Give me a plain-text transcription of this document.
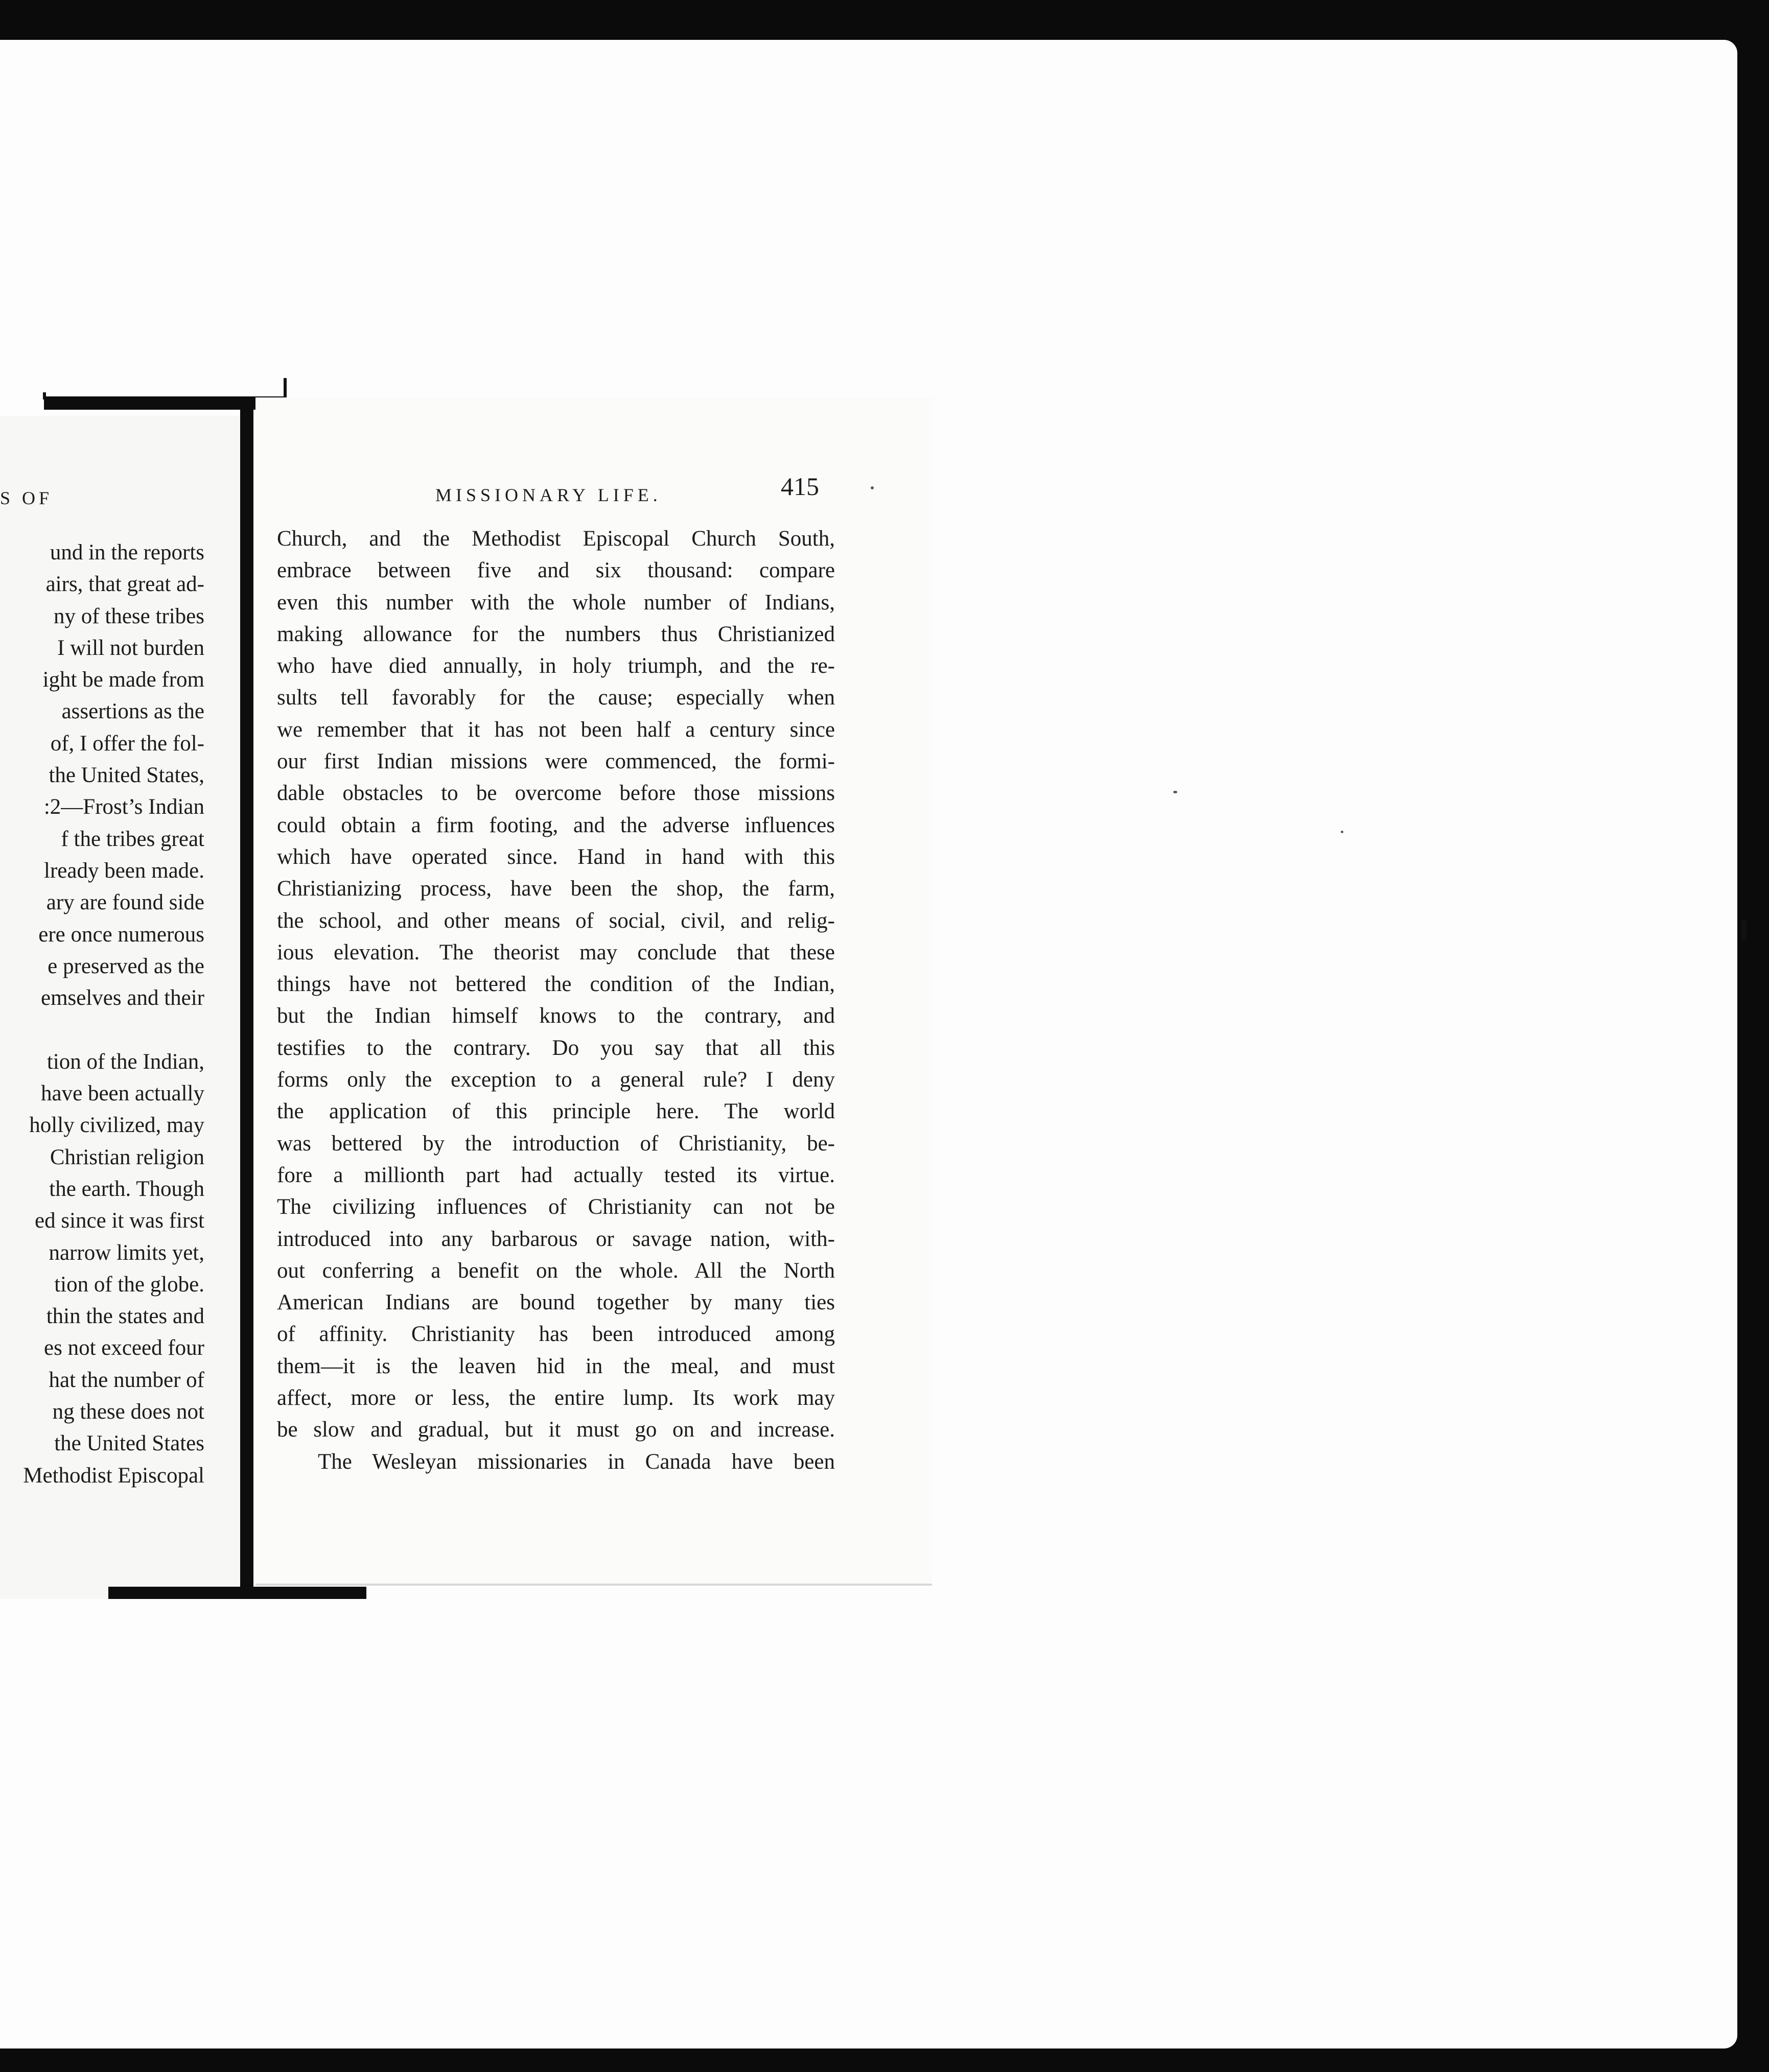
S OF
und in the reports
airs, that great ad-
ny of these tribes
I will not burden
ight be made from
assertions as the
of, I offer the fol-
the United States,
:2—Frost’s Indian
f the tribes great
lready been made.
ary are found side
ere once numerous
e preserved as the
emselves and their
tion of the Indian,
have been actually
holly civilized, may
Christian religion
the earth. Though
ed since it was first
narrow limits yet,
tion of the globe.
thin the states and
es not exceed four
hat the number of
ng these does not
the United States
Methodist Episcopal
MISSIONARY LIFE.	415
Church, and the Methodist Episcopal Church South,
embrace between five and six thousand: compare
even this number with the whole number of Indians,
making allowance for the numbers thus Christianized
who have died annually, in holy triumph, and the re-
sults tell favorably for the cause; especially when
we remember that it has not been half a century since
our first Indian missions were commenced, the formi-
dable obstacles to be overcome before those missions
could obtain a firm footing, and the adverse influences
which have operated since. Hand in hand with this
Christianizing process, have been the shop, the farm,
the school, and other means of social, civil, and relig-
ious elevation. The theorist may conclude that these
things have not bettered the condition of the Indian,
but the Indian himself knows to the contrary, and
testifies to the contrary. Do you say that all this
forms only the exception to a general rule? I deny
the application of this principle here. The world
was bettered by the introduction of Christianity, be-
fore a millionth part had actually tested its virtue.
The civilizing influences of Christianity can not be
introduced into any barbarous or savage nation, with-
out conferring a benefit on the whole. All the North
American Indians are bound together by many ties
of affinity. Christianity has been introduced among
them—it is the leaven hid in the meal, and must
affect, more or less, the entire lump. Its work may
be slow and gradual, but it must go on and increase.
The Wesleyan missionaries in Canada have been
